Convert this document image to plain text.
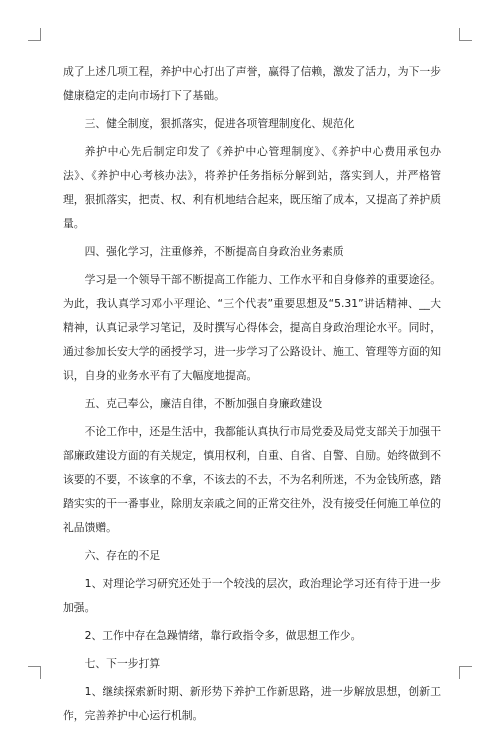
成了上述几项工程，养护中心打出了声誉，赢得了信赖，激发了活力，为下一步健康稳定的走向市场打下了基础。

三、健全制度，狠抓落实，促进各项管理制度化、规范化

养护中心先后制定印发了《养护中心管理制度》、《养护中心费用承包办法》、《养护中心考核办法》，将养护任务指标分解到站，落实到人，并严格管理，狠抓落实，把责、权、利有机地结合起来，既压缩了成本，又提高了养护质量。

四、强化学习，注重修养，不断提高自身政治业务素质

学习是一个领导干部不断提高工作能力、工作水平和自身修养的重要途径。为此，我认真学习邓小平理论、“三个代表”重要思想及“5.31”讲话精神、__大精神，认真记录学习笔记，及时撰写心得体会，提高自身政治理论水平。同时，通过参加长安大学的函授学习，进一步学习了公路设计、施工、管理等方面的知识，自身的业务水平有了大幅度地提高。

五、克己奉公，廉洁自律，不断加强自身廉政建设

不论工作中，还是生活中，我都能认真执行市局党委及局党支部关于加强干部廉政建设方面的有关规定，慎用权利，自重、自省、自警、自励。始终做到不该要的不要，不该拿的不拿，不该去的不去，不为名利所迷，不为金钱所惑，踏踏实实的干一番事业，除朋友亲戚之间的正常交往外，没有接受任何施工单位的礼品馈赠。

六、存在的不足

1、对理论学习研究还处于一个较浅的层次，政治理论学习还有待于进一步加强。

2、工作中存在急躁情绪，靠行政指令多，做思想工作少。

七、下一步打算

1、继续探索新时期、新形势下养护工作新思路，进一步解放思想，创新工作，完善养护中心运行机制。
